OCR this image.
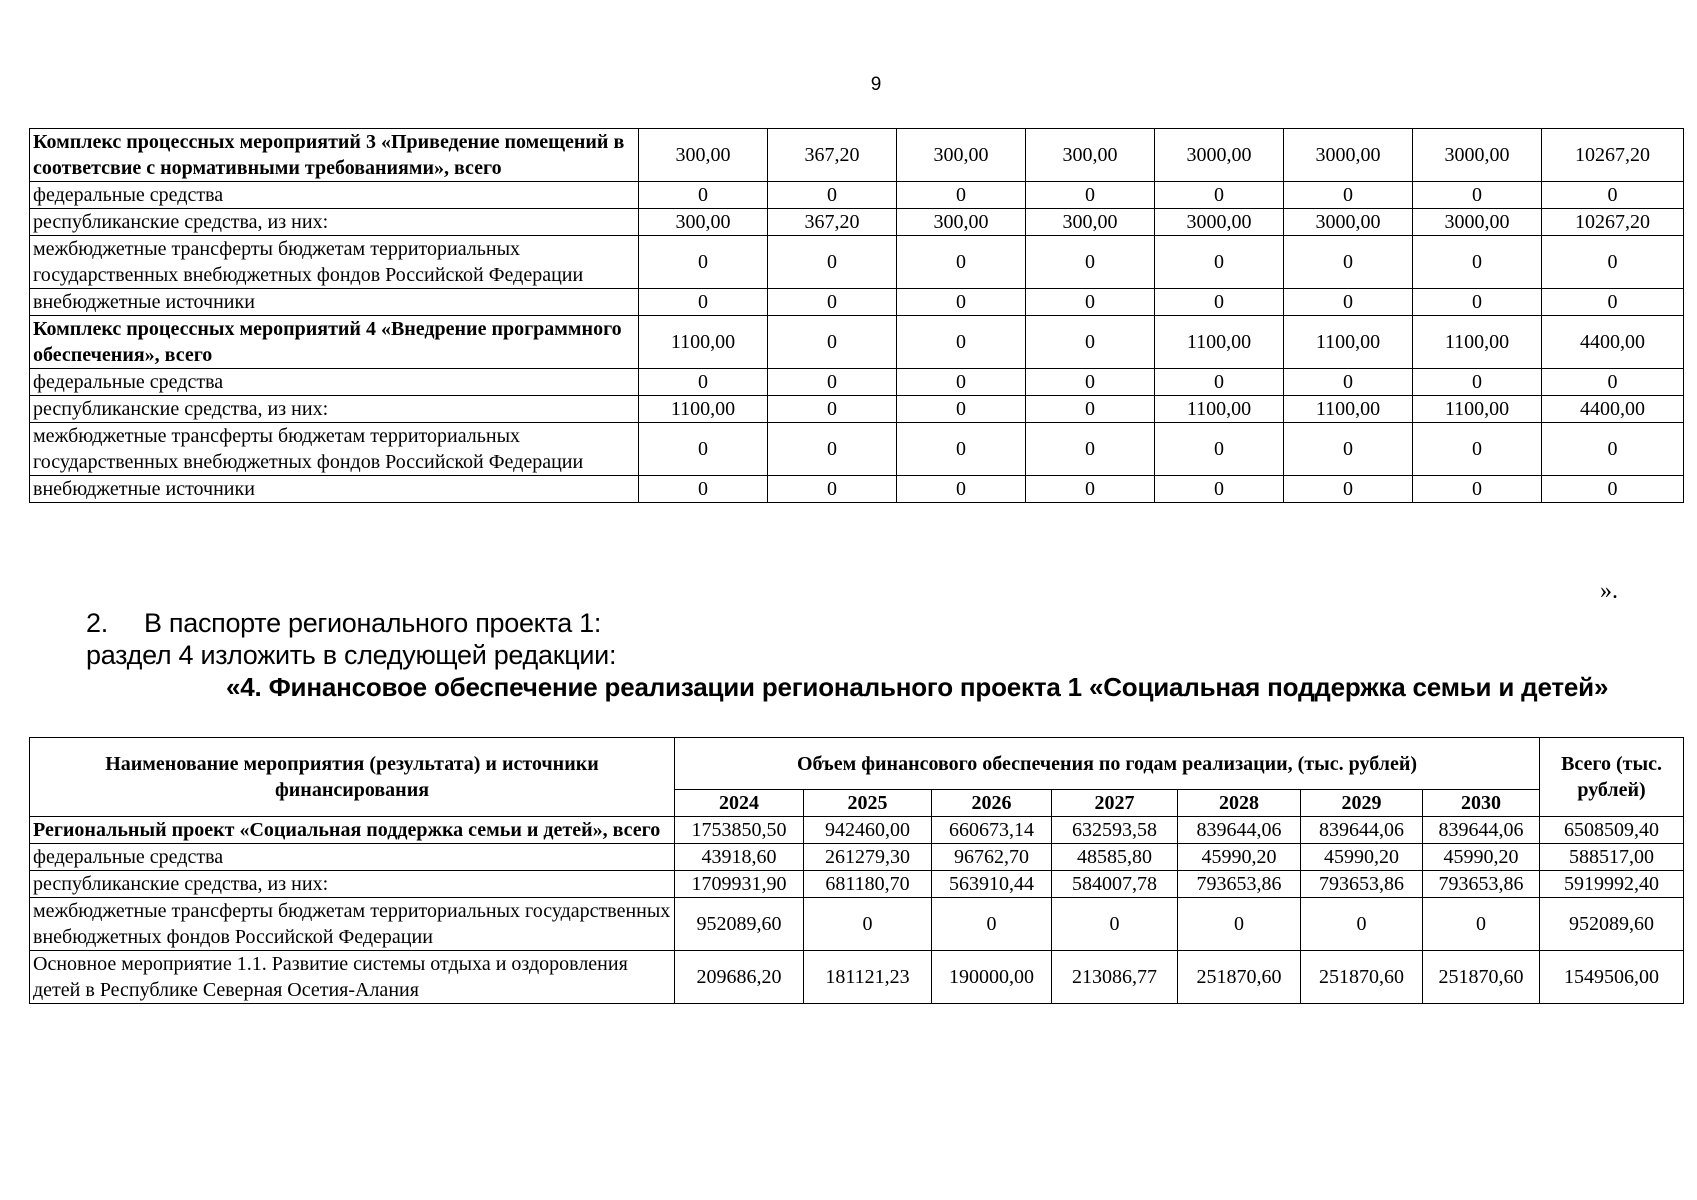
9
Комплекс процессных мероприятий 3 «Приведение помещений в соответсвие с нормативными требованиями», всего	300,00	367,20	300,00	300,00	3000,00	3000,00	3000,00	10267,20
федеральные средства	0	0	0	0	0	0	0	0
республиканские средства, из них:	300,00	367,20	300,00	300,00	3000,00	3000,00	3000,00	10267,20
межбюджетные трансферты бюджетам территориальных государственных внебюджетных фондов Российской Федерации	0	0	0	0	0	0	0	0
внебюджетные источники	0	0	0	0	0	0	0	0
Комплекс процессных мероприятий 4 «Внедрение программного обеспечения», всего	1100,00	0	0	0	1100,00	1100,00	1100,00	4400,00
федеральные средства	0	0	0	0	0	0	0	0
республиканские средства, из них:	1100,00	0	0	0	1100,00	1100,00	1100,00	4400,00
межбюджетные трансферты бюджетам территориальных государственных внебюджетных фондов Российской Федерации	0	0	0	0	0	0	0	0
внебюджетные источники	0	0	0	0	0	0	0	0
».
2. В паспорте регионального проекта 1:
раздел 4 изложить в следующей редакции:
«4. Финансовое обеспечение реализации регионального проекта 1 «Социальная поддержка семьи и детей»
Наименование мероприятия (результата) и источники финансирования	Объем финансового обеспечения по годам реализации, (тыс. рублей)							Всего (тыс. рублей)
	2024	2025	2026	2027	2028	2029	2030	
Региональный проект «Социальная поддержка семьи и детей», всего	1753850,50	942460,00	660673,14	632593,58	839644,06	839644,06	839644,06	6508509,40
федеральные средства	43918,60	261279,30	96762,70	48585,80	45990,20	45990,20	45990,20	588517,00
республиканские средства, из них:	1709931,90	681180,70	563910,44	584007,78	793653,86	793653,86	793653,86	5919992,40
межбюджетные трансферты бюджетам территориальных государственных внебюджетных фондов Российской Федерации	952089,60	0	0	0	0	0	0	952089,60
Основное мероприятие 1.1. Развитие системы отдыха и оздоровления детей в Республике Северная Осетия-Алания	209686,20	181121,23	190000,00	213086,77	251870,60	251870,60	251870,60	1549506,00
